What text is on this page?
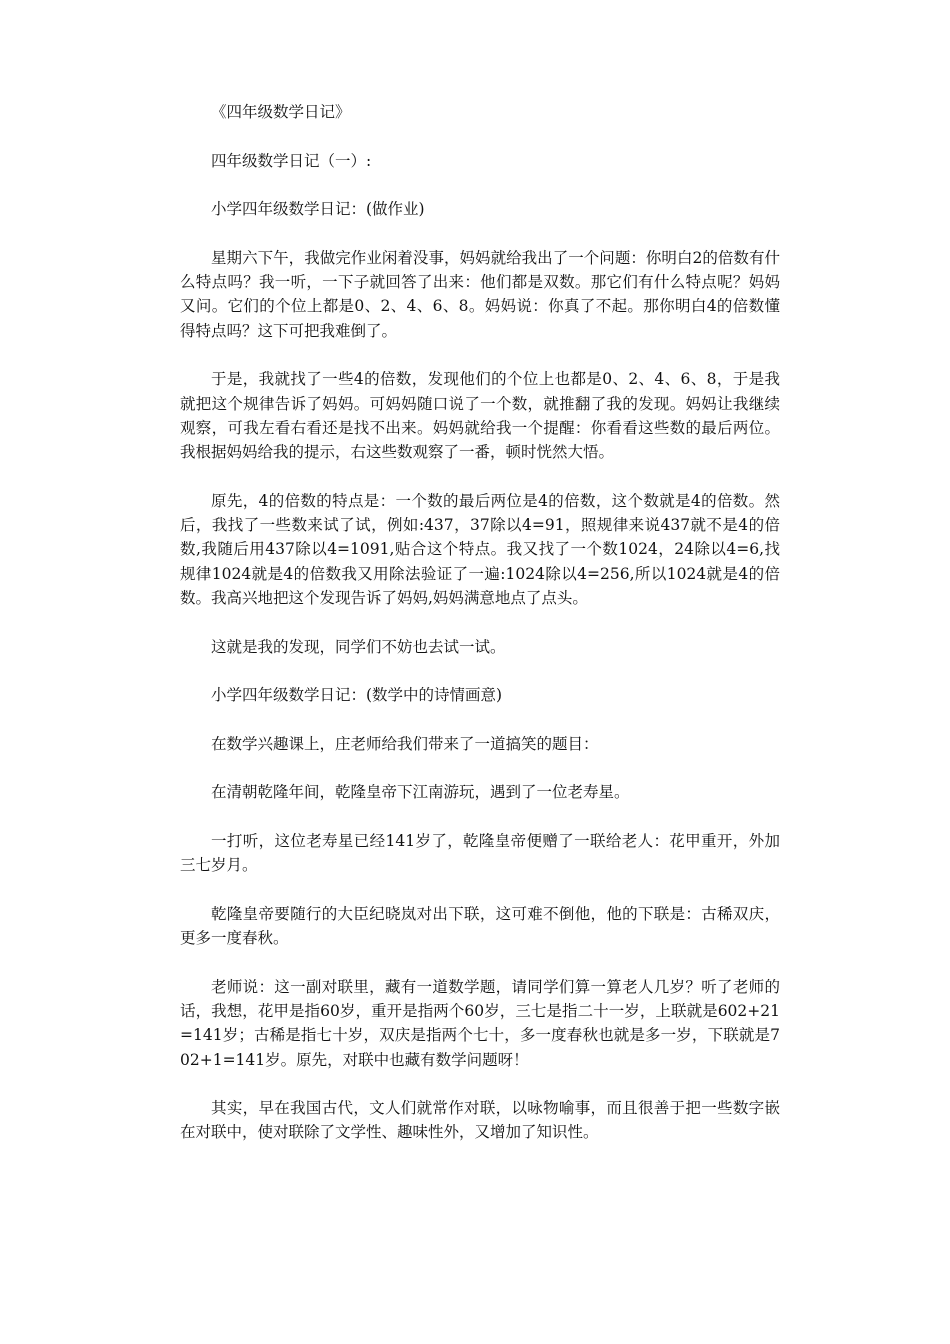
《四年级数学日记》

四年级数学日记（一）:

小学四年级数学日记：(做作业)

星期六下午，我做完作业闲着没事，妈妈就给我出了一个问题：你明白2的倍数有什么特点吗？我一听，一下子就回答了出来：他们都是双数。那它们有什么特点呢？妈妈又问。它们的个位上都是0、2、4、6、8。妈妈说：你真了不起。那你明白4的倍数懂得特点吗？这下可把我难倒了。

于是，我就找了一些4的倍数，发现他们的个位上也都是0、2、4、6、8，于是我就把这个规律告诉了妈妈。可妈妈随口说了一个数，就推翻了我的发现。妈妈让我继续观察，可我左看右看还是找不出来。妈妈就给我一个提醒：你看看这些数的最后两位。我根据妈妈给我的提示，右这些数观察了一番，顿时恍然大悟。

原先，4的倍数的特点是：一个数的最后两位是4的倍数，这个数就是4的倍数。然后，我找了一些数来试了试，例如:437，37除以4=91，照规律来说437就不是4的倍数,我随后用437除以4=1091,贴合这个特点。我又找了一个数1024，24除以4=6,找规律1024就是4的倍数我又用除法验证了一遍:1024除以4=256,所以1024就是4的倍数。我高兴地把这个发现告诉了妈妈,妈妈满意地点了点头。

这就是我的发现，同学们不妨也去试一试。

小学四年级数学日记：(数学中的诗情画意)

在数学兴趣课上，庄老师给我们带来了一道搞笑的题目：

在清朝乾隆年间，乾隆皇帝下江南游玩，遇到了一位老寿星。

一打听，这位老寿星已经141岁了，乾隆皇帝便赠了一联给老人：花甲重开，外加三七岁月。

乾隆皇帝要随行的大臣纪晓岚对出下联，这可难不倒他，他的下联是：古稀双庆，更多一度春秋。

老师说：这一副对联里，藏有一道数学题，请同学们算一算老人几岁？听了老师的话，我想，花甲是指60岁，重开是指两个60岁，三七是指二十一岁，上联就是602+21=141岁；古稀是指七十岁，双庆是指两个七十，多一度春秋也就是多一岁，下联就是702+1=141岁。原先，对联中也藏有数学问题呀！

其实，早在我国古代，文人们就常作对联，以咏物喻事，而且很善于把一些数字嵌在对联中，使对联除了文学性、趣味性外，又增加了知识性。
